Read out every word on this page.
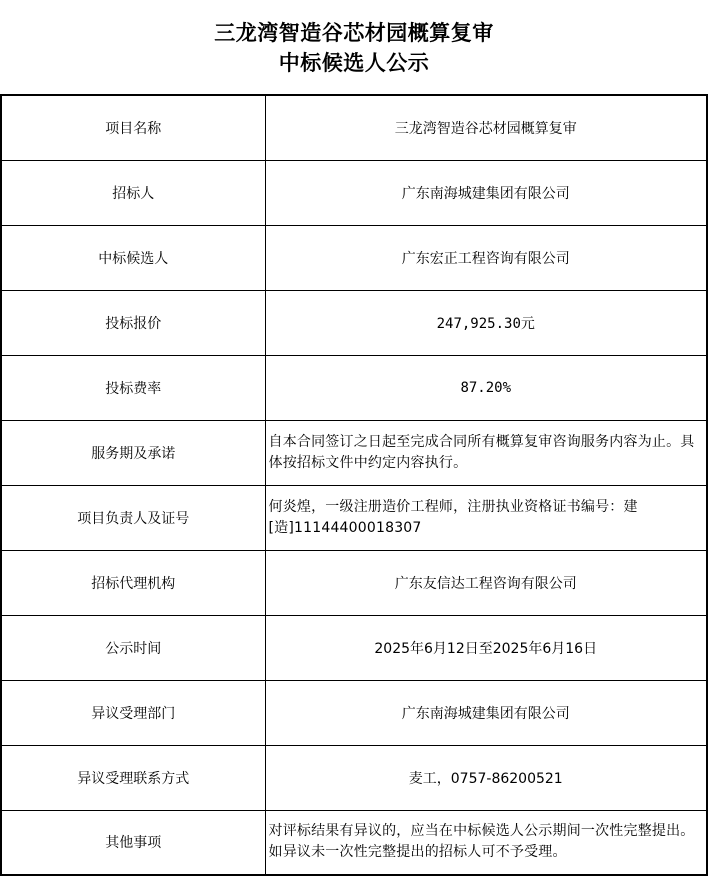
三龙湾智造谷芯材园概算复审
中标候选人公示
项目名称	三龙湾智造谷芯材园概算复审
招标人	广东南海城建集团有限公司
中标候选人	广东宏正工程咨询有限公司
投标报价	247,925.30元
投标费率	87.20%
服务期及承诺	自本合同签订之日起至完成合同所有概算复审咨询服务内容为止。具体按招标文件中约定内容执行。
项目负责人及证号	何炎煌，一级注册造价工程师，注册执业资格证书编号：建[造]11144400018307
招标代理机构	广东友信达工程咨询有限公司
公示时间	2025年6月12日至2025年6月16日
异议受理部门	广东南海城建集团有限公司
异议受理联系方式	麦工，0757-86200521
其他事项	对评标结果有异议的，应当在中标候选人公示期间一次性完整提出。如异议未一次性完整提出的招标人可不予受理。
